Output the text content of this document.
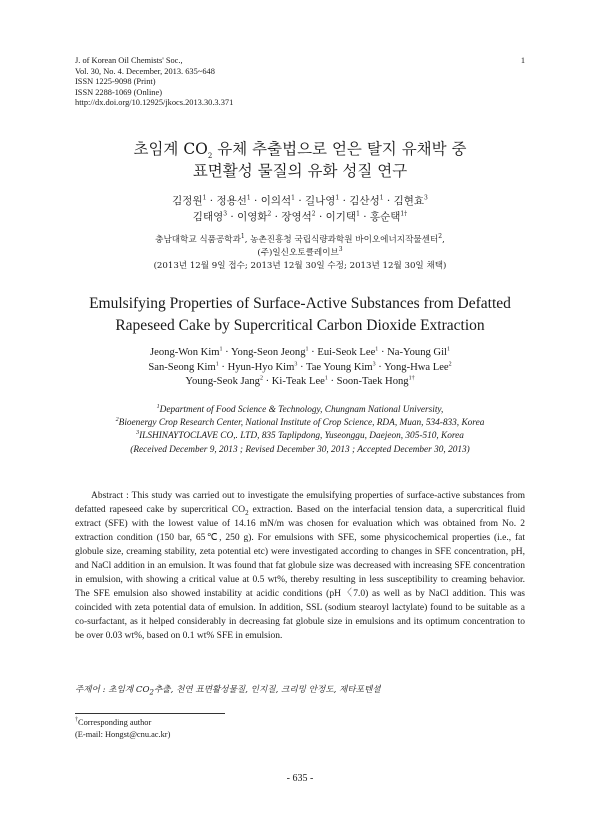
J. of Korean Oil Chemists' Soc.,
Vol. 30, No. 4. December, 2013. 635~648
ISSN 1225-9098 (Print)
ISSN 2288-1069 (Online)
http://dx.doi.org/10.12925/jkocs.2013.30.3.371
1
초임계 $CO_2$ 유체 추출법으로 얻은 탈지 유채박 중
표면활성 물질의 유화 성질 연구
김정원$^1$ · 정용선$^1$ · 이의석$^1$ · 길나영$^1$ · 김산성$^1$ · 김현효$^3$
김태영$^3$ · 이영화$^2$ · 장영석$^2$ · 이기택$^1$ · 홍순택$^{1\dagger}$
충남대학교 식품공학과$^1$, 농촌진흥청 국립식량과학원 바이오에너지작물센터$^2$,
(주)일신오토클레이브$^3$
(2013년 12월 9일 접수; 2013년 12월 30일 수정; 2013년 12월 30일 채택)
Emulsifying Properties of Surface-Active Substances from Defatted
Rapeseed Cake by Supercritical Carbon Dioxide Extraction
Jeong-Won Kim$^1$ · Yong-Seon Jeong$^1$ · Eui-Seok Lee$^1$ · Na-Young Gil$^1$
San-Seong Kim$^1$ · Hyun-Hyo Kim$^3$ · Tae Young Kim$^3$ · Yong-Hwa Lee$^2$
Young-Seok Jang$^2$ · Ki-Teak Lee$^1$ · Soon-Taek Hong$^{1\dagger}$
$^1$Department of Food Science & Technology, Chungnam National University,
$^2$Bioenergy Crop Research Center, National Institute of Crop Science, RDA, Muan, 534-833, Korea
$^3$ILSHINAYTOCLAVE CO,. LTD, 835 Taplipdong, Yuseonggu, Daejeon, 305-510, Korea
(Received December 9, 2013 ; Revised December 30, 2013 ; Accepted December 30, 2013)
Abstract : This study was carried out to investigate the emulsifying properties of surface-active substances from defatted rapeseed cake by supercritical $CO_2$ extraction. Based on the interfacial tension data, a supercritical fluid extract (SFE) with the lowest value of 14.16 mN/m was chosen for evaluation which was obtained from No. 2 extraction condition (150 bar, 65℃, 250 g). For emulsions with SFE, some physicochemical properties (i.e., fat globule size, creaming stability, zeta potential etc) were investigated according to changes in SFE concentration, pH, and NaCl addition in an emulsion. It was found that fat globule size was decreased with increasing SFE concentration in emulsion, with showing a critical value at 0.5 wt%, thereby resulting in less susceptibility to creaming behavior. The SFE emulsion also showed instability at acidic conditions (pH〈7.0) as well as by NaCl addition. This was coincided with zeta potential data of emulsion. In addition, SSL (sodium stearoyl lactylate) found to be suitable as a co-surfactant, as it helped considerably in decreasing fat globule size in emulsions and its optimum concentration to be over 0.03 wt%, based on 0.1 wt% SFE in emulsion.
주제어 : 초임계 $CO_2$추출, 천연 표면활성물질, 인지질, 크리밍 안정도, 제타포텐셜
†Corresponding author
(E-mail: Hongst@cnu.ac.kr)
- 635 -
